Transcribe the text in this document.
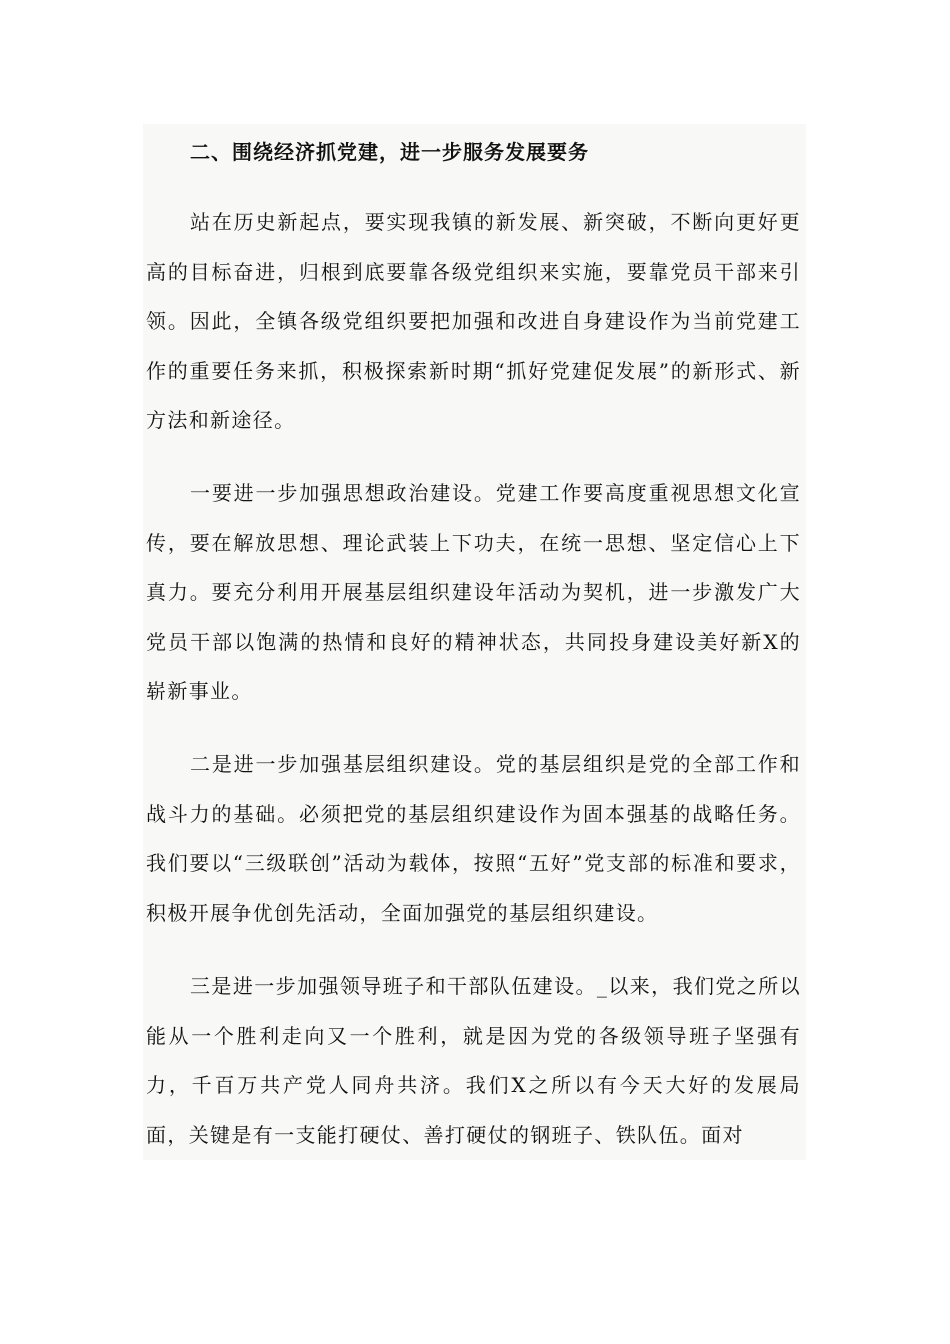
二、围绕经济抓党建，进一步服务发展要务

站在历史新起点，要实现我镇的新发展、新突破，不断向更好更高的目标奋进，归根到底要靠各级党组织来实施，要靠党员干部来引领。因此，全镇各级党组织要把加强和改进自身建设作为当前党建工作的重要任务来抓，积极探索新时期“抓好党建促发展”的新形式、新方法和新途径。

一要进一步加强思想政治建设。党建工作要高度重视思想文化宣传，要在解放思想、理论武装上下功夫，在统一思想、坚定信心上下真力。要充分利用开展基层组织建设年活动为契机，进一步激发广大党员干部以饱满的热情和良好的精神状态，共同投身建设美好新X的崭新事业。

二是进一步加强基层组织建设。党的基层组织是党的全部工作和战斗力的基础。必须把党的基层组织建设作为固本强基的战略任务。我们要以“三级联创”活动为载体，按照“五好”党支部的标准和要求，积极开展争优创先活动，全面加强党的基层组织建设。

三是进一步加强领导班子和干部队伍建设。_以来，我们党之所以能从一个胜利走向又一个胜利，就是因为党的各级领导班子坚强有力，千百万共产党人同舟共济。我们X之所以有今天大好的发展局面，关键是有一支能打硬仗、善打硬仗的钢班子、铁队伍。面对
